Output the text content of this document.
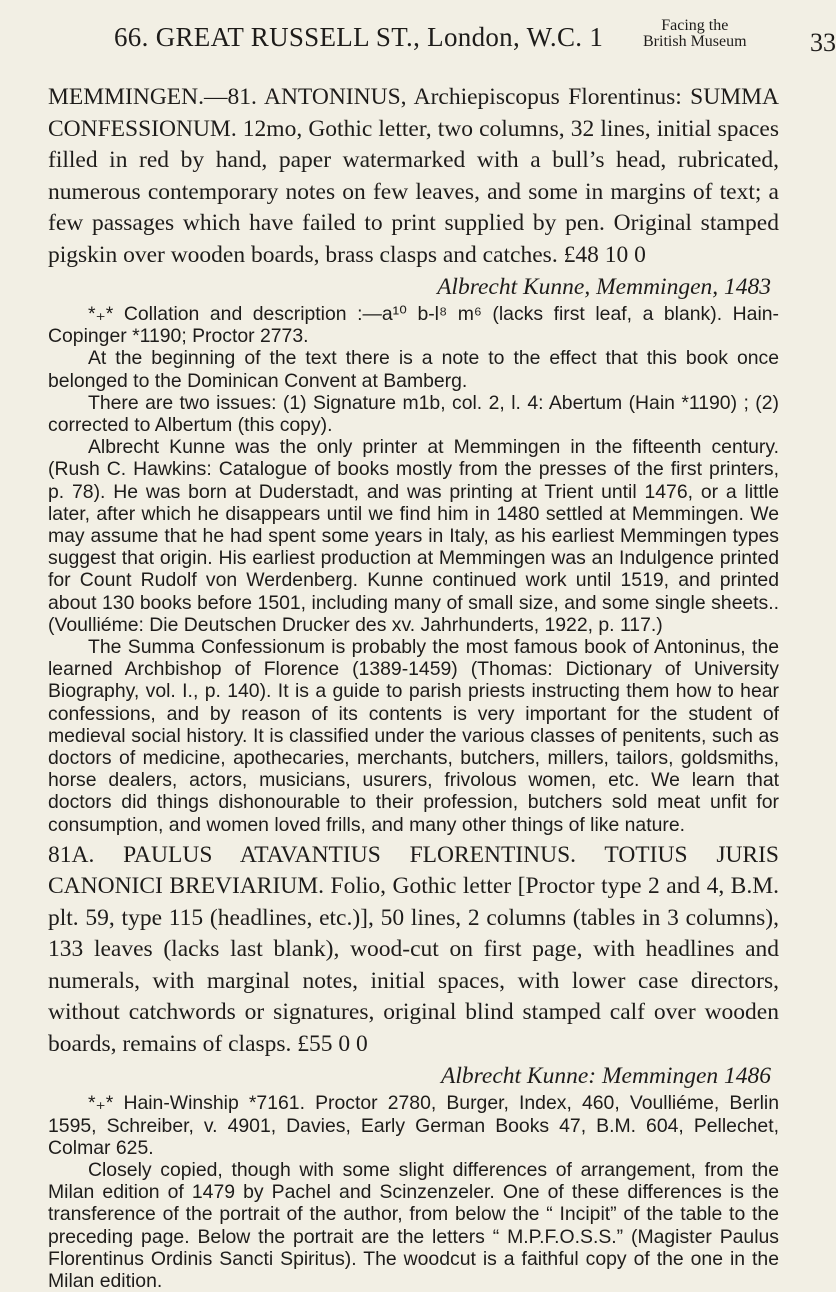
66. GREAT RUSSELL ST., London, W.C. 1	Facing the
British Museum 33

MEMMINGEN.—81. ANTONINUS, Archiepiscopus Florentinus: SUMMA CONFESSIONUM. 12mo, Gothic letter, two columns, 32 lines, initial spaces filled in red by hand, paper watermarked with a bull’s head, rubricated, numerous contemporary notes on few leaves, and some in margins of text; a few passages which have failed to print supplied by pen. Original stamped pigskin over wooden boards, brass clasps and catches. £48 10 0

Albrecht Kunne, Memmingen, 1483

*₊* Collation and description :—a¹⁰ b-l⁸ m⁶ (lacks first leaf, a blank). Hain-Copinger *1190; Proctor 2773.

At the beginning of the text there is a note to the effect that this book once belonged to the Dominican Convent at Bamberg.

There are two issues: (1) Signature m1b, col. 2, l. 4: Abertum (Hain *1190) ; (2) corrected to Albertum (this copy).

Albrecht Kunne was the only printer at Memmingen in the fifteenth century. (Rush C. Hawkins: Catalogue of books mostly from the presses of the first printers, p. 78). He was born at Duderstadt, and was printing at Trient until 1476, or a little later, after which he disappears until we find him in 1480 settled at Memmingen. We may assume that he had spent some years in Italy, as his earliest Memmingen types suggest that origin. His earliest production at Memmingen was an Indulgence printed for Count Rudolf von Werdenberg. Kunne continued work until 1519, and printed about 130 books before 1501, including many of small size, and some single sheets.. (Voulliéme: Die Deutschen Drucker des xv. Jahrhunderts, 1922, p. 117.)

The Summa Confessionum is probably the most famous book of Antoninus, the learned Archbishop of Florence (1389-1459) (Thomas: Dictionary of University Biography, vol. I., p. 140). It is a guide to parish priests instructing them how to hear confessions, and by reason of its contents is very important for the student of medieval social history. It is classified under the various classes of penitents, such as doctors of medicine, apothecaries, merchants, butchers, millers, tailors, goldsmiths, horse dealers, actors, musicians, usurers, frivolous women, etc. We learn that doctors did things dishonourable to their profession, butchers sold meat unfit for consumption, and women loved frills, and many other things of like nature.

81A. PAULUS ATAVANTIUS FLORENTINUS. TOTIUS JURIS CANONICI BREVIARIUM. Folio, Gothic letter [Proctor type 2 and 4, B.M. plt. 59, type 115 (headlines, etc.)], 50 lines, 2 columns (tables in 3 columns), 133 leaves (lacks last blank), wood-cut on first page, with headlines and numerals, with marginal notes, initial spaces, with lower case directors, without catchwords or signatures, original blind stamped calf over wooden boards, remains of clasps. £55 0 0

Albrecht Kunne: Memmingen 1486

*₊* Hain-Winship *7161. Proctor 2780, Burger, Index, 460, Voulliéme, Berlin 1595, Schreiber, v. 4901, Davies, Early German Books 47, B.M. 604, Pellechet, Colmar 625.

Closely copied, though with some slight differences of arrangement, from the Milan edition of 1479 by Pachel and Scinzenzeler. One of these differences is the transference of the portrait of the author, from below the “ Incipit” of the table to the preceding page. Below the portrait are the letters “ M.P.F.O.S.S.” (Magister Paulus Florentinus Ordinis Sancti Spiritus). The woodcut is a faithful copy of the one in the Milan edition.
